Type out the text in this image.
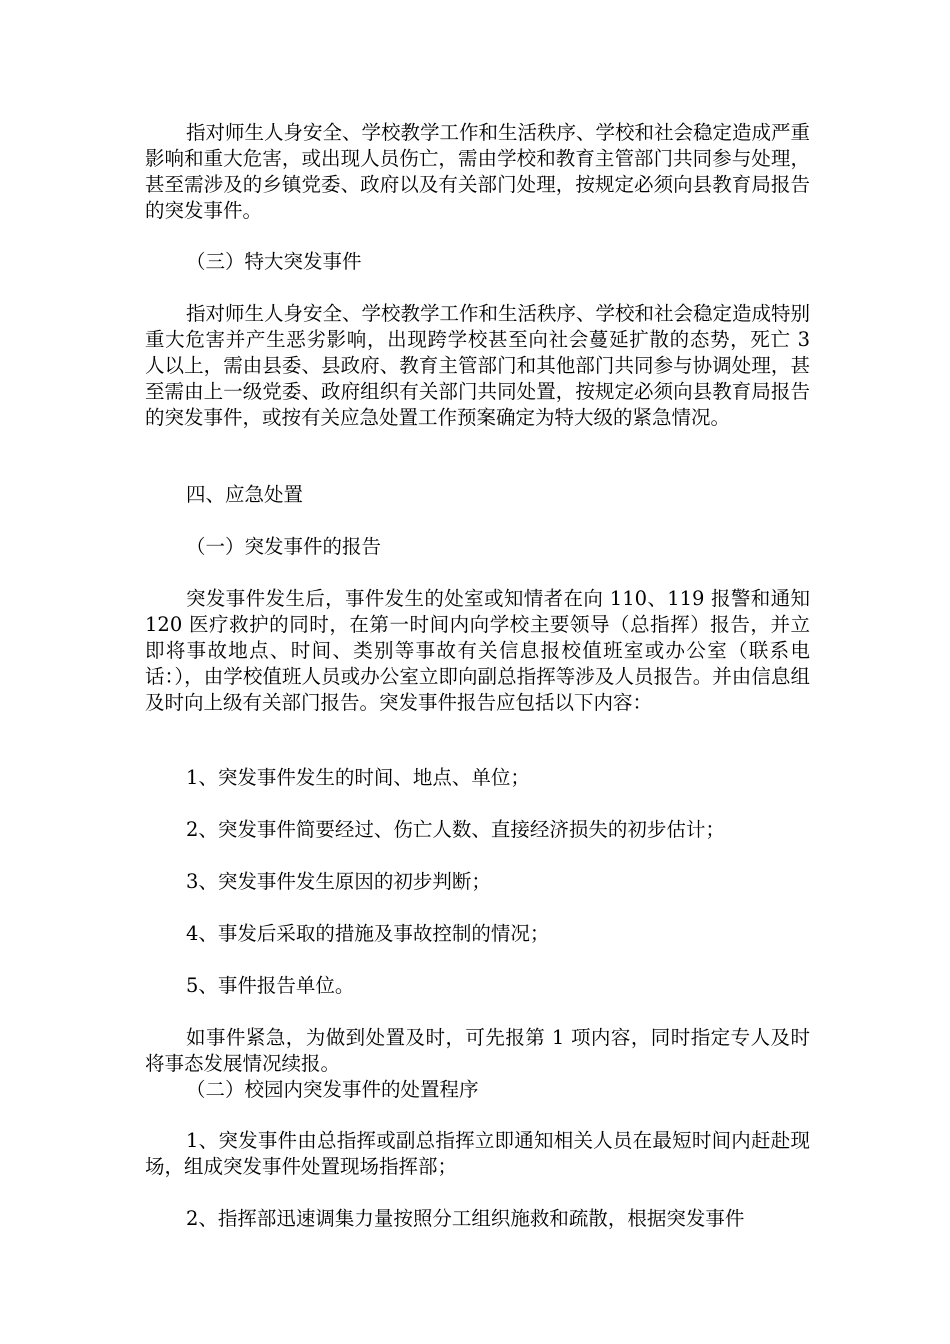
指对师生人身安全、学校教学工作和生活秩序、学校和社会稳定造成严重影响和重大危害，或出现人员伤亡，需由学校和教育主管部门共同参与处理，甚至需涉及的乡镇党委、政府以及有关部门处理，按规定必须向县教育局报告的突发事件。

（三）特大突发事件

指对师生人身安全、学校教学工作和生活秩序、学校和社会稳定造成特别重大危害并产生恶劣影响，出现跨学校甚至向社会蔓延扩散的态势，死亡 3 人以上，需由县委、县政府、教育主管部门和其他部门共同参与协调处理，甚至需由上一级党委、政府组织有关部门共同处置，按规定必须向县教育局报告的突发事件，或按有关应急处置工作预案确定为特大级的紧急情况。

四、应急处置

（一）突发事件的报告

突发事件发生后，事件发生的处室或知情者在向 110、119 报警和通知 120 医疗救护的同时，在第一时间内向学校主要领导（总指挥）报告，并立即将事故地点、时间、类别等事故有关信息报校值班室或办公室（联系电话：），由学校值班人员或办公室立即向副总指挥等涉及人员报告。并由信息组及时向上级有关部门报告。突发事件报告应包括以下内容：

1、突发事件发生的时间、地点、单位；

2、突发事件简要经过、伤亡人数、直接经济损失的初步估计；

3、突发事件发生原因的初步判断；

4、事发后采取的措施及事故控制的情况；

5、事件报告单位。

如事件紧急，为做到处置及时，可先报第 1 项内容，同时指定专人及时将事态发展情况续报。

（二）校园内突发事件的处置程序

1、突发事件由总指挥或副总指挥立即通知相关人员在最短时间内赶赴现场，组成突发事件处置现场指挥部；

2、指挥部迅速调集力量按照分工组织施救和疏散，根据突发事件
